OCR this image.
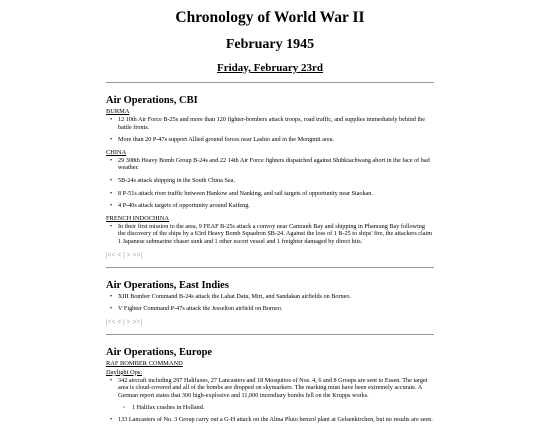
Chronology of World War II
February 1945
Friday, February 23rd
Air Operations, CBI
BURMA
• 12 10th Air Force B-25s and more than 120 fighter-bombers attack troops, road traffic, and supplies immediately behind the battle fronts.
• More than 20 P-47s support Allied ground forces near Lashio and in the Mongmit area.
CHINA
• 29 308th Heavy Bomb Group B-24s and 22 14th Air Force fighters dispatched against Shihkiachwang abort in the face of bad weather.
• 5B-24s attack shipping in the South China Sea.
• 8 P-51s attack river traffic between Hankow and Nanking, and rail targets of opportunity near Siaokan.
• 4 P-40s attack targets of opportunity around Kaifeng.
FRENCH INDOCHINA
• In their first mission to the area, 9 FEAF B-25s attack a convoy near Camranh Bay and shipping in Phanrang Bay following the discovery of the ships by a 63rd Heavy Bomb Squadron SB-24. Against the loss of 1 B-25 to ships' fire, the attackers claim 1 Japanese submarine chaser sunk and 1 other escort vessel and 1 freighter damaged by direct hits.
|<< < | > >>|
Air Operations, East Indies
• XIII Bomber Command B-24s attack the Lahat Datu, Miri, and Sandakan airfields on Borneo.
• V Fighter Command P-47s attack the Jesselton airfield on Borneo.
|<< < | > >>|
Air Operations, Europe
RAF BOMBER COMMAND
Daylight Ops:
• 342 aircraft including 297 Halifaxes, 27 Lancasters and 18 Mosquitos of Nos. 4, 6 and 8 Groups are sent to Essen. The target area is cloud-covered and all of the bombs are dropped on skymarkers. The marking must have been extremely accurate. A German report states that 300 high-explosive and 11,000 incendiary bombs fell on the Krupps works.
◦ 1 Halifax crashes in Holland.
• 133 Lancasters of No. 3 Group carry out a G-H attack on the Alma Pluto benzol plant at Gelsenkirchen, but no results are seen.
